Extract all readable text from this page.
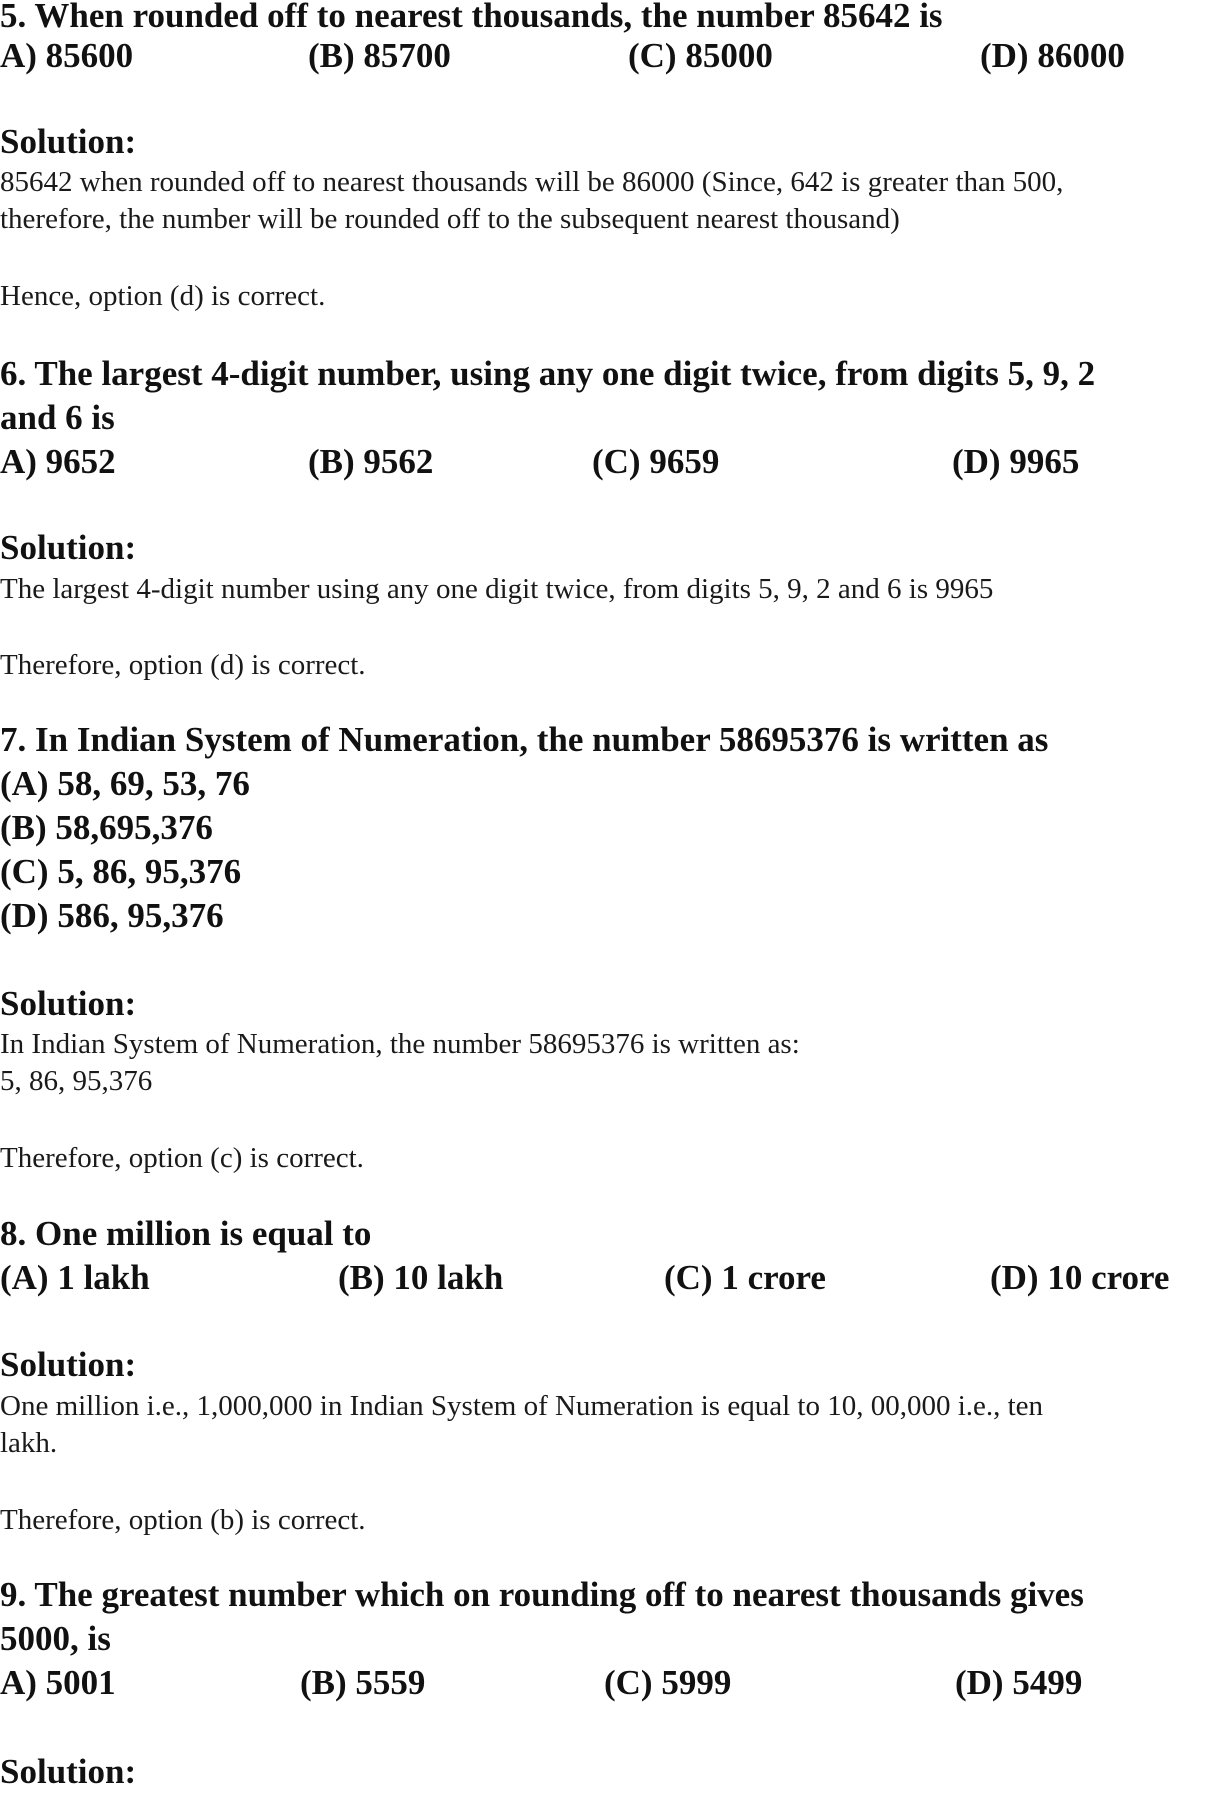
5. When rounded off to nearest thousands, the number 85642 is
A) 85600	(B) 85700	(C) 85000	(D) 86000
Solution:
85642 when rounded off to nearest thousands will be 86000 (Since, 642 is greater than 500,
therefore, the number will be rounded off to the subsequent nearest thousand)
Hence, option (d) is correct.
6. The largest 4-digit number, using any one digit twice, from digits 5, 9, 2
and 6 is
A) 9652	(B) 9562	(C) 9659	(D) 9965
Solution:
The largest 4-digit number using any one digit twice, from digits 5, 9, 2 and 6 is 9965
Therefore, option (d) is correct.
7. In Indian System of Numeration, the number 58695376 is written as
(A) 58, 69, 53, 76
(B) 58,695,376
(C) 5, 86, 95,376
(D) 586, 95,376
Solution:
In Indian System of Numeration, the number 58695376 is written as:
5, 86, 95,376
Therefore, option (c) is correct.
8. One million is equal to
(A) 1 lakh	(B) 10 lakh	(C) 1 crore	(D) 10 crore
Solution:
One million i.e., 1,000,000 in Indian System of Numeration is equal to 10, 00,000 i.e., ten
lakh.
Therefore, option (b) is correct.
9. The greatest number which on rounding off to nearest thousands gives
5000, is
A) 5001	(B) 5559	(C) 5999	(D) 5499
Solution:
